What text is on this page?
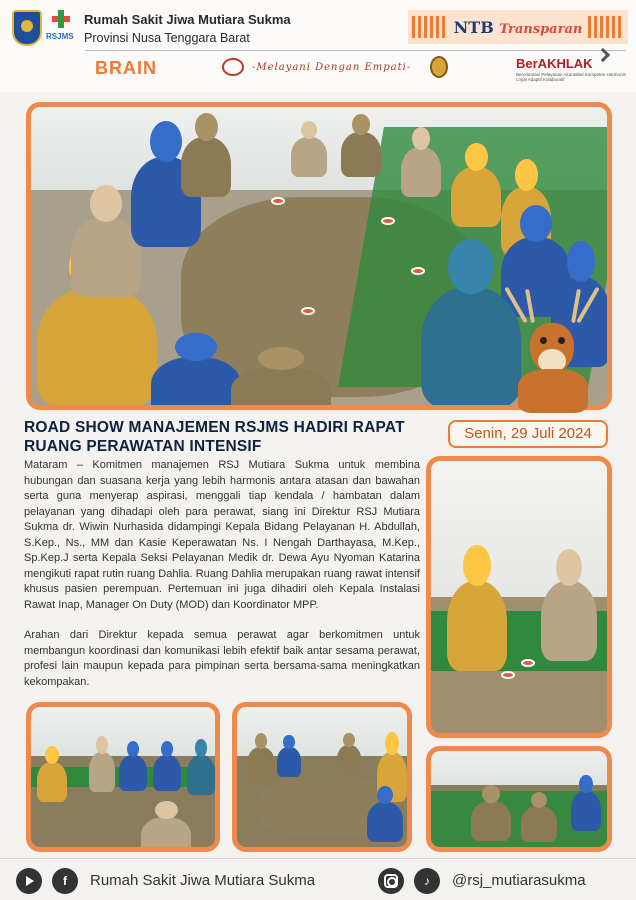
RSJMS
Rumah Sakit Jiwa Mutiara Sukma
Provinsi Nusa Tenggara Barat
NTB Transparan
BRAIN	-Melayani Dengan Empati-	BerAKHLAK
Berorientasi Pelayanan Akuntabel Kompeten Harmonis Loyal Adaptif Kolaboratif
ROAD SHOW MANAJEMEN RSJMS HADIRI RAPAT RUANG PERAWATAN INTENSIF
Senin, 29 Juli 2024

Mataram – Komitmen manajemen RSJ Mutiara Sukma untuk membina hubungan dan suasana kerja yang lebih harmonis antara atasan dan bawahan serta guna menyerap aspirasi, menggali tiap kendala / hambatan dalam pelayanan yang dihadapi oleh para perawat, siang ini Direktur RSJ Mutiara Sukma dr. Wiwin Nurhasida didampingi Kepala Bidang Pelayanan H. Abdullah, S.Kep., Ns., MM dan Kasie Keperawatan Ns. I Nengah Darthayasa, M.Kep., Sp.Kep.J serta Kepala Seksi Pelayanan Medik dr. Dewa Ayu Nyoman Katarina mengikuti rapat rutin ruang Dahlia. Ruang Dahlia merupakan ruang rawat intensif khusus pasien perempuan. Pertemuan ini juga dihadiri oleh Kepala Instalasi Rawat Inap, Manager On Duty (MOD) dan Koordinator MPP.

Arahan dari Direktur kepada semua perawat agar berkomitmen untuk membangun koordinasi dan komunikasi lebih efektif baik antar sesama perawat, profesi lain maupun kepada para pimpinan serta bersama-sama meningkatkan kekompakan.

f	Rumah Sakit Jiwa Mutiara Sukma	♪	@rsj_mutiarasukma
